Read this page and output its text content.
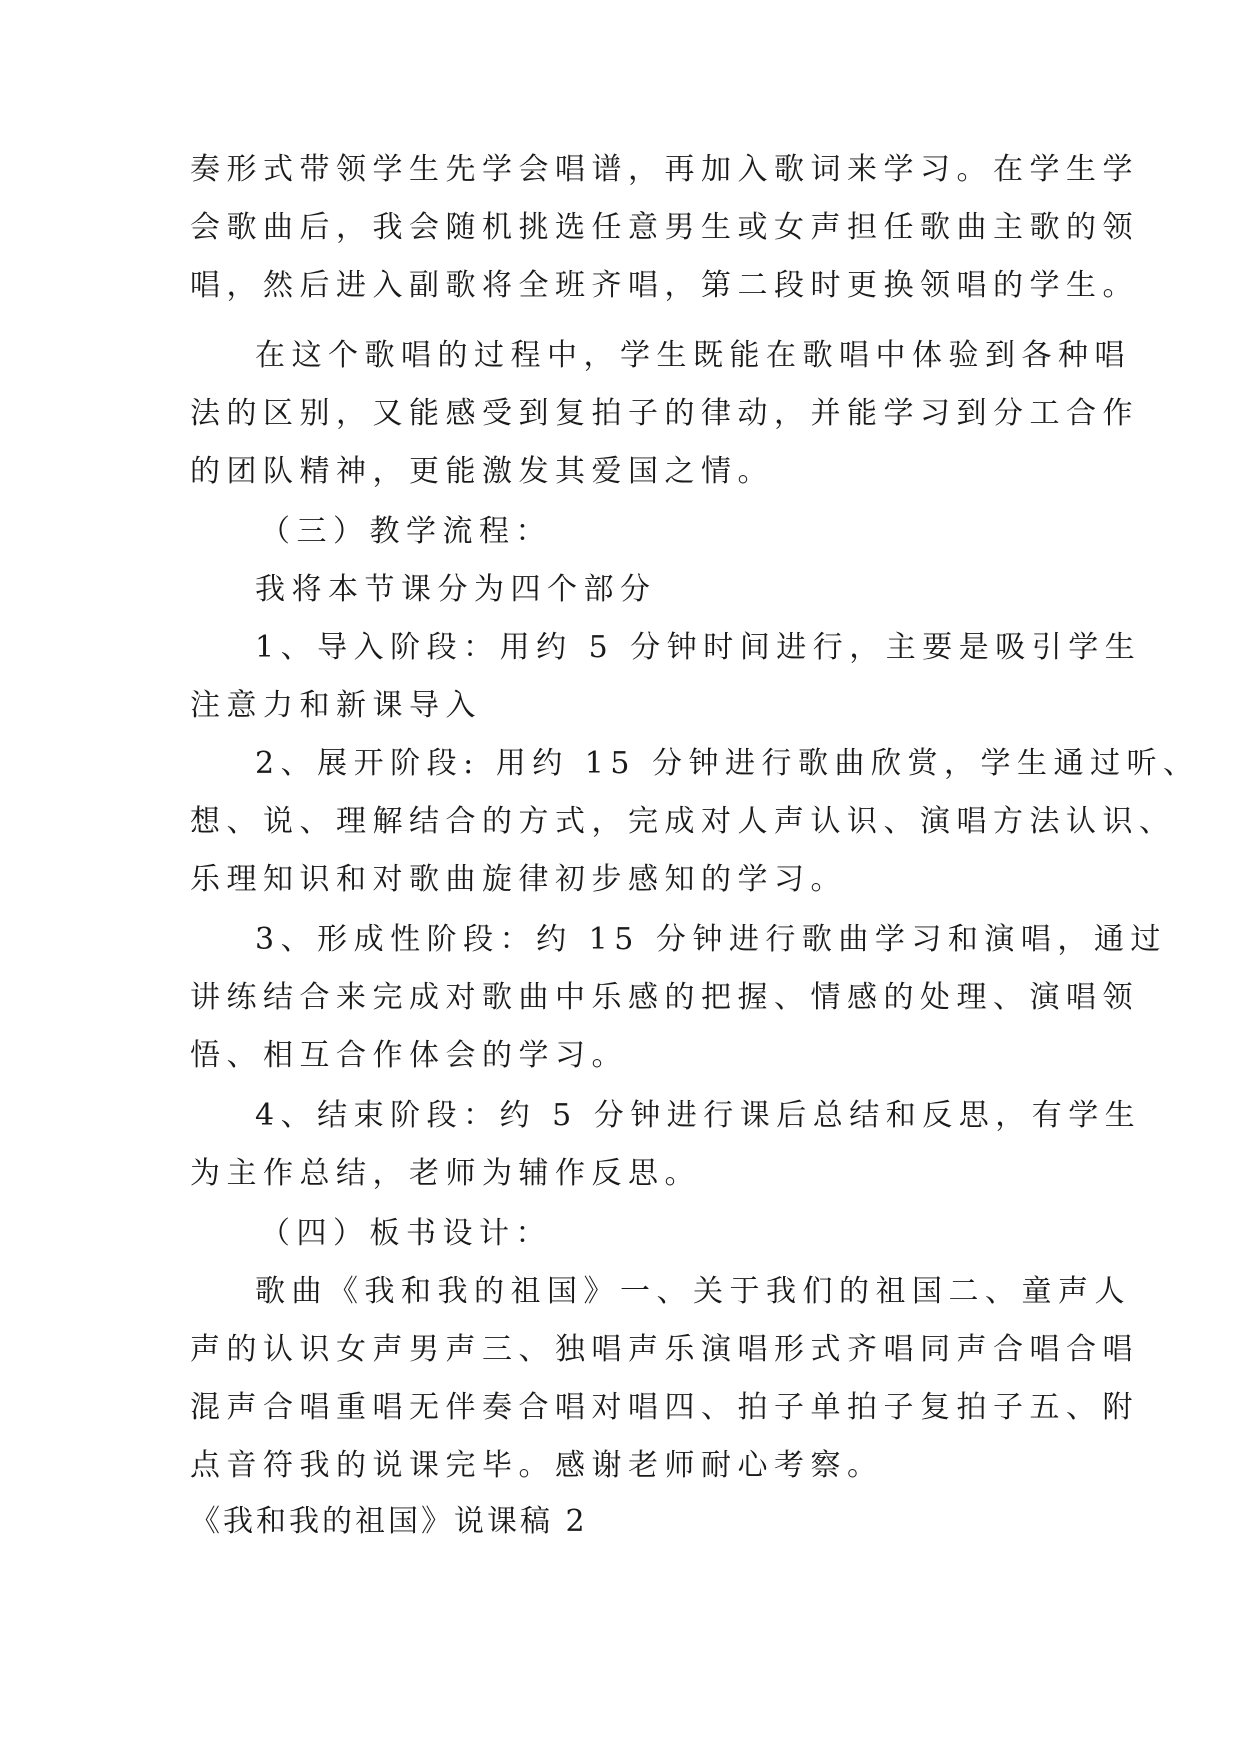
奏形式带领学生先学会唱谱，再加入歌词来学习。在学生学
会歌曲后，我会随机挑选任意男生或女声担任歌曲主歌的领
唱，然后进入副歌将全班齐唱，第二段时更换领唱的学生。
在这个歌唱的过程中，学生既能在歌唱中体验到各种唱
法的区别，又能感受到复拍子的律动，并能学习到分工合作
的团队精神，更能激发其爱国之情。
（三）教学流程：
我将本节课分为四个部分
1、导入阶段：用约 5 分钟时间进行，主要是吸引学生
注意力和新课导入
2、展开阶段: 用约 15 分钟进行歌曲欣赏，学生通过听、
想、说、理解结合的方式，完成对人声认识、演唱方法认识、
乐理知识和对歌曲旋律初步感知的学习。
3、形成性阶段：约 15 分钟进行歌曲学习和演唱，通过
讲练结合来完成对歌曲中乐感的把握、情感的处理、演唱领
悟、相互合作体会的学习。
4、结束阶段：约 5 分钟进行课后总结和反思，有学生
为主作总结，老师为辅作反思。
（四）板书设计：
歌曲《我和我的祖国》一、关于我们的祖国二、童声人
声的认识女声男声三、独唱声乐演唱形式齐唱同声合唱合唱
混声合唱重唱无伴奏合唱对唱四、拍子单拍子复拍子五、附
点音符我的说课完毕。感谢老师耐心考察。
《我和我的祖国》说课稿 2
